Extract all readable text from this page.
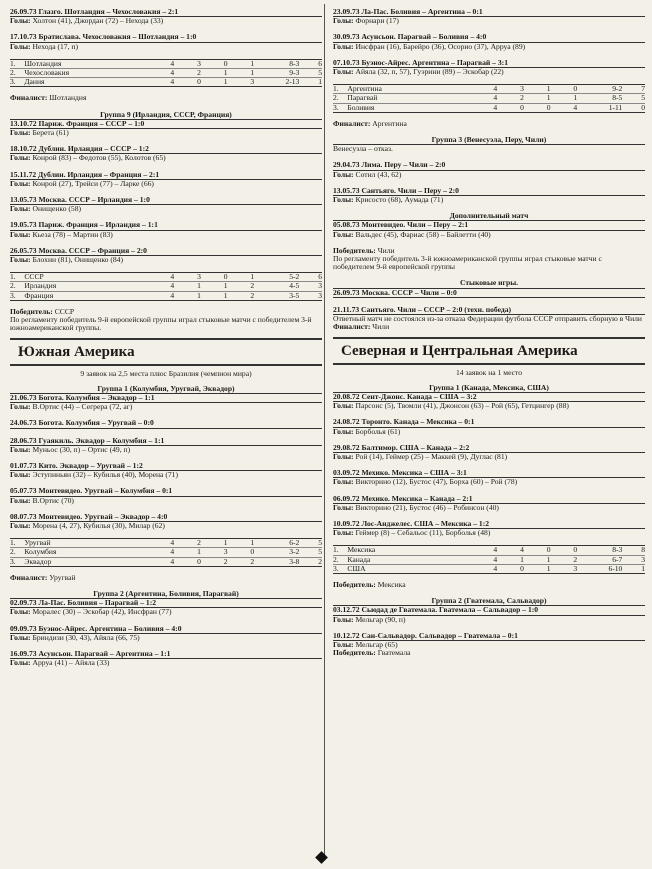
26.09.73 Глазго. Шотландия – Чехословакия – 2:1
Голы: Холтон (41), Джордан (72) – Нехода (33)
17.10.73 Братислава. Чехословакия – Шотландия – 1:0
Голы: Нехода (17, п)
1.	Шотландия	4	3	0	1	8-3	6
2.	Чехословакия	4	2	1	1	9-3	5
3.	Дания	4	0	1	3	2-13	1
Финалист: Шотландия
Группа 9 (Ирландия, СССР, Франция)
13.10.72 Париж. Франция – СССР – 1:0
Голы: Берета (61)
18.10.72 Дублин. Ирландия – СССР – 1:2
Голы: Конрой (83) – Федотов (55), Колотов (65)
15.11.72 Дублин. Ирландия – Франция – 2:1
Голы: Конрой (27), Трейси (77) – Ларке (66)
13.05.73 Москва. СССР – Ирландия – 1:0
Голы: Онищенко (58)
19.05.73 Париж. Франция – Ирландия – 1:1
Голы: Кьеза (78) – Мартин (83)
26.05.73 Москва. СССР – Франция – 2:0
Голы: Блохин (81), Онищенко (84)
1.	СССР	4	3	0	1	5-2	6
2.	Ирландия	4	1	1	2	4-5	3
3.	Франция	4	1	1	2	3-5	3
Победитель: СССР
По регламенту победитель 9-й европейской группы играл стыковые матчи с победителем 3-й южноамериканской группы.
Южная Америка
9 заявок на 2,5 места плюс Бразилия (чемпион мира)
Группа 1 (Колумбия, Уругвай, Эквадор)
21.06.73 Богота. Колумбия – Эквадор – 1:1
Голы: В.Ортис (44) – Сегрера (72, аг)
24.06.73 Богота. Колумбия – Уругвай – 0:0
28.06.73 Гуаякиль. Эквадор – Колумбия – 1:1
Голы: Муньос (30, п) – Ортис (49, п)
01.07.73 Кито. Эквадор – Уругвай – 1:2
Голы: Эступиньян (32) – Кубилья (40), Морена (71)
05.07.73 Монтевидео. Уругвай – Колумбия – 0:1
Голы: В.Ортис (70)
08.07.73 Монтевидео. Уругвай – Эквадор – 4:0
Голы: Морена (4, 27), Кубилья (30), Милар (62)
1.	Уругвай	4	2	1	1	6-2	5
2.	Колумбия	4	1	3	0	3-2	5
3.	Эквадор	4	0	2	2	3-8	2
Финалист: Уругвай
Группа 2 (Аргентина, Боливия, Парагвай)
02.09.73 Ла-Пас. Боливия – Парагвай – 1:2
Голы: Моралес (30) – Эскобар (42), Инсфран (77)
09.09.73 Буэнос-Айрес. Аргентина – Боливия – 4:0
Голы: Бриндизи (30, 43), Айяла (66, 75)
16.09.73 Асунсьон. Парагвай – Аргентина – 1:1
Голы: Арруа (41) – Айяла (33)
23.09.73 Ла-Пас. Боливия – Аргентина – 0:1
Голы: Форнари (17)
30.09.73 Асунсьон. Парагвай – Боливия – 4:0
Голы: Инсфран (16), Барейро (36), Осорио (37), Арруа (89)
07.10.73 Буэнос-Айрес. Аргентина – Парагвай – 3:1
Голы: Айяла (32, п, 57), Гуэрини (89) – Эскобар (22)
1.	Аргентина	4	3	1	0	9-2	7
2.	Парагвай	4	2	1	1	8-5	5
3.	Боливия	4	0	0	4	1-11	0
Финалист: Аргентина
Группа 3 (Венесуэла, Перу, Чили)
Венесуэла – отказ.
29.04.73 Лима. Перу – Чили – 2:0
Голы: Сотил (43, 62)
13.05.73 Сантьяго. Чили – Перу – 2:0
Голы: Крисосто (68), Аумада (71)
Дополнительный матч
05.08.73 Монтевидео. Чили – Перу – 2:1
Голы: Вальдес (45), Фариас (58) – Байлетти (40)
Победитель: Чили
По регламенту победитель 3-й южноамериканской группы играл стыковые матчи с победителем 9-й европейской группы
Стыковые игры.
26.09.73 Москва. СССР – Чили – 0:0
21.11.73 Сантьяго. Чили – СССР – 2:0 (техн. победа)
Ответный матч не состоялся из-за отказа Федерации футбола СССР отправить сборную в Чили
Финалист: Чили
Северная и Центральная Америка
14 заявок на 1 место
Группа 1 (Канада, Мексика, США)
20.08.72 Сент-Джонс. Канада – США – 3:2
Голы: Парсонс (5), Твомли (41), Джонсон (63) – Рой (65), Гетцингер (88)
24.08.72 Торонто. Канада – Мексика – 0:1
Голы: Борболья (61)
29.08.72 Балтимор. США – Канада – 2:2
Голы: Рой (14), Геймер (25) – Маккей (9), Дуглас (81)
03.09.72 Мехико. Мексика – США – 3:1
Голы: Викторино (12), Бустос (47), Борха (60) – Рой (78)
06.09.72 Мехико. Мексика – Канада – 2:1
Голы: Викторино (21), Бустос (46) – Робинсон (40)
10.09.72 Лос-Анджелес. США – Мексика – 1:2
Голы: Геймер (8) – Себальос (11), Борболья (48)
1.	Мексика	4	4	0	0	8-3	8
2.	Канада	4	1	1	2	6-7	3
3.	США	4	0	1	3	6-10	1
Победитель: Мексика
Группа 2 (Гватемала, Сальвадор)
03.12.72 Сьюдад де Гватемала. Гватемала – Сальвадор – 1:0
Голы: Мельгар (90, п)
10.12.72 Сан-Сальвадор. Сальвадор – Гватемала – 0:1
Голы: Мельгар (65)
Победитель: Гватемала
